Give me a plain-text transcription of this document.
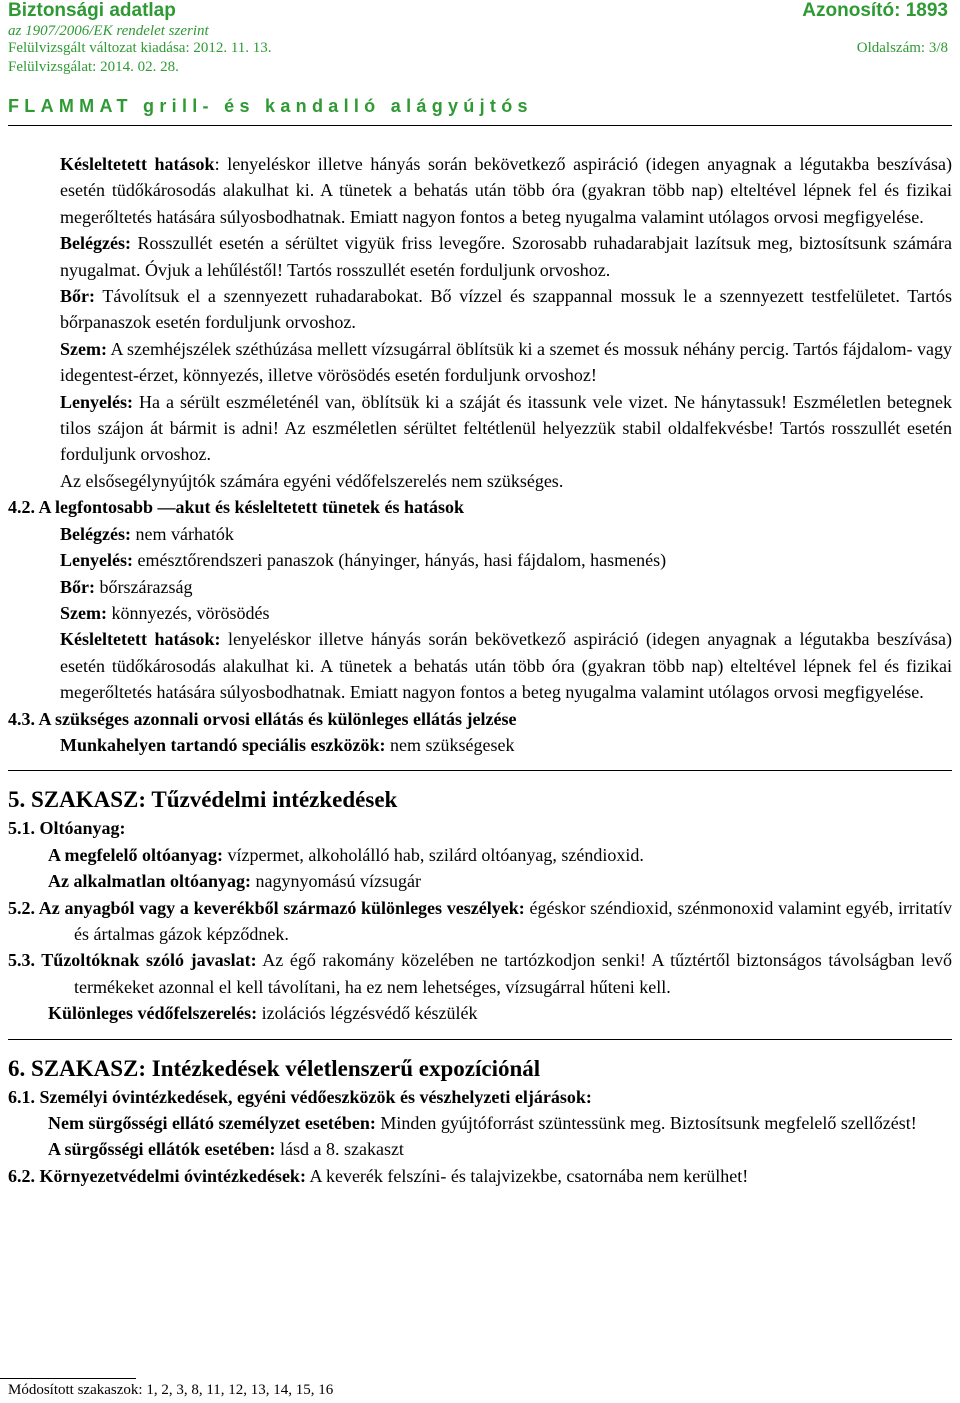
Biztonsági adatlap	Azonosító: 1893
az 1907/2006/EK rendelet szerint
Felülvizsgált változat kiadása: 2012. 11. 13.	Oldalszám: 3/8
Felülvizsgálat: 2014. 02. 28.
FLAMMAT grill- és kandalló alágyújtós

Késleltetett hatások: lenyeléskor illetve hányás során bekövetkező aspiráció (idegen anyagnak a légutakba beszívása) esetén tüdőkárosodás alakulhat ki. A tünetek a behatás után több óra (gyakran több nap) elteltével lépnek fel és fizikai megerőltetés hatására súlyosbodhatnak. Emiatt nagyon fontos a beteg nyugalma valamint utólagos orvosi megfigyelése.

Belégzés: Rosszullét esetén a sérültet vigyük friss levegőre. Szorosabb ruhadarabjait lazítsuk meg, biztosítsunk számára nyugalmat. Óvjuk a lehűléstől! Tartós rosszullét esetén forduljunk orvoshoz.

Bőr: Távolítsuk el a szennyezett ruhadarabokat. Bő vízzel és szappannal mossuk le a szennyezett testfelületet. Tartós bőrpanaszok esetén forduljunk orvoshoz.

Szem: A szemhéjszélek széthúzása mellett vízsugárral öblítsük ki a szemet és mossuk néhány percig. Tartós fájdalom- vagy idegentest-érzet, könnyezés, illetve vörösödés esetén forduljunk orvoshoz!

Lenyelés: Ha a sérült eszméleténél van, öblítsük ki a száját és itassunk vele vizet. Ne hánytassuk! Eszméletlen betegnek tilos szájon át bármit is adni! Az eszméletlen sérültet feltétlenül helyezzük stabil oldalfekvésbe! Tartós rosszullét esetén forduljunk orvoshoz.

Az elsősegélynyújtók számára egyéni védőfelszerelés nem szükséges.

4.2. A legfontosabb —akut és késleltetett tünetek és hatások

Belégzés: nem várhatók

Lenyelés: emésztőrendszeri panaszok (hányinger, hányás, hasi fájdalom, hasmenés)

Bőr: bőrszárazság

Szem: könnyezés, vörösödés

Késleltetett hatások: lenyeléskor illetve hányás során bekövetkező aspiráció (idegen anyagnak a légutakba beszívása) esetén tüdőkárosodás alakulhat ki. A tünetek a behatás után több óra (gyakran több nap) elteltével lépnek fel és fizikai megerőltetés hatására súlyosbodhatnak. Emiatt nagyon fontos a beteg nyugalma valamint utólagos orvosi megfigyelése.

4.3. A szükséges azonnali orvosi ellátás és különleges ellátás jelzése

Munkahelyen tartandó speciális eszközök: nem szükségesek

5. SZAKASZ: Tűzvédelmi intézkedések

5.1. Oltóanyag:

A megfelelő oltóanyag: vízpermet, alkoholálló hab, szilárd oltóanyag, széndioxid.

Az alkalmatlan oltóanyag: nagynyomású vízsugár

5.2. Az anyagból vagy a keverékből származó különleges veszélyek: égéskor széndioxid, szénmonoxid valamint egyéb, irritatív és ártalmas gázok képződnek.

5.3. Tűzoltóknak szóló javaslat: Az égő rakomány közelében ne tartózkodjon senki! A tűztértől biztonságos távolságban levő termékeket azonnal el kell távolítani, ha ez nem lehetséges, vízsugárral hűteni kell.

Különleges védőfelszerelés: izolációs légzésvédő készülék

6. SZAKASZ: Intézkedések véletlenszerű expozíciónál

6.1. Személyi óvintézkedések, egyéni védőeszközök és vészhelyzeti eljárások:

Nem sürgősségi ellátó személyzet esetében: Minden gyújtóforrást szüntessünk meg. Biztosítsunk megfelelő szellőzést!

A sürgősségi ellátók esetében: lásd a 8. szakaszt

6.2. Környezetvédelmi óvintézkedések: A keverék felszíni- és talajvizekbe, csatornába nem kerülhet!

Módosított szakaszok: 1, 2, 3, 8, 11, 12, 13, 14, 15, 16
